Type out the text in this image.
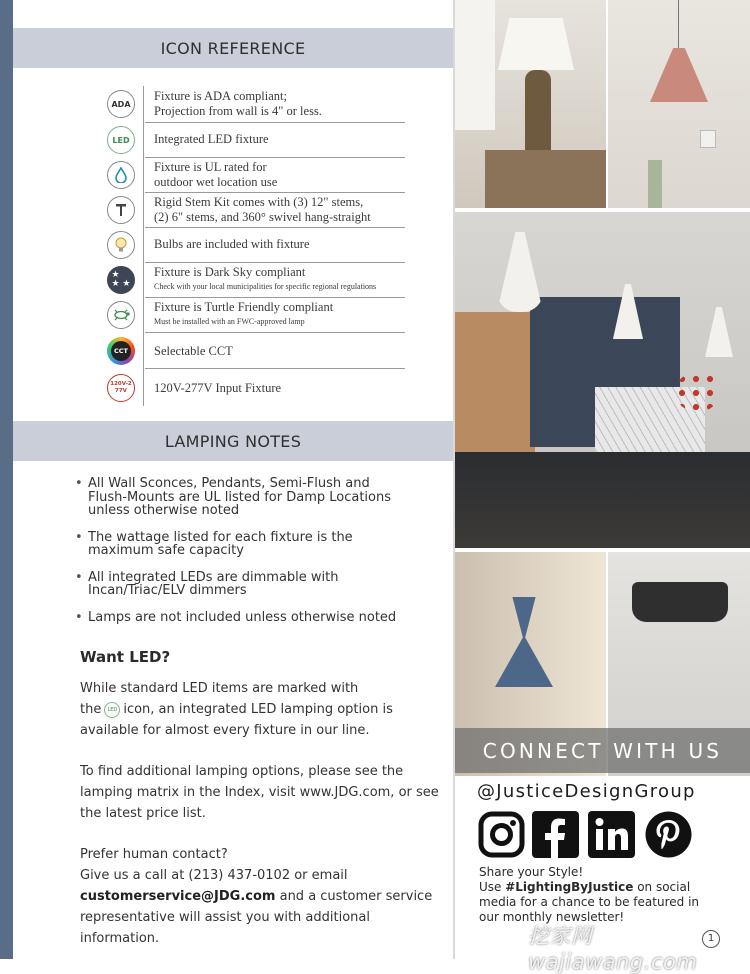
ICON REFERENCE
ADA
Fixture is ADA compliant;
Projection from wall is 4" or less.
LED Integrated LED fixture
Fixture is UL rated for
outdoor wet location use
Rigid Stem Kit comes with (3) 12" stems,
(2) 6" stems, and 360° swivel hang-straight
Bulbs are included with fixture
★
★ ★
Fixture is Dark Sky compliant
Check with your local municipalities for specific regional regulations
Fixture is Turtle Friendly compliant
Must be installed with an FWC-approved lamp
CCT Selectable CCT
120V-277V	120V-277V Input Fixture
LAMPING NOTES
• All Wall Sconces, Pendants, Semi-Flush and Flush-Mounts are UL listed for Damp Locations unless otherwise noted
• The wattage listed for each fixture is the maximum safe capacity
• All integrated LEDs are dimmable with Incan/Triac/ELV dimmers
• Lamps are not included unless otherwise noted
Want LED?
While standard LED items are marked with
the LED icon, an integrated LED lamping option is
available for almost every fixture in our line.
To find additional lamping options, please see the
lamping matrix in the Index, visit www.JDG.com, or see
the latest price list.
Prefer human contact?
Give us a call at (213) 437-0102 or email
customerservice@JDG.com and a customer service
representative will assist you with additional information.
CONNECT WITH US
@JusticeDesignGroup
Share your Style!
Use #LightingByJustice on social
media for a chance to be featured in
our monthly newsletter!
挖家网 wajiawang.com
1
